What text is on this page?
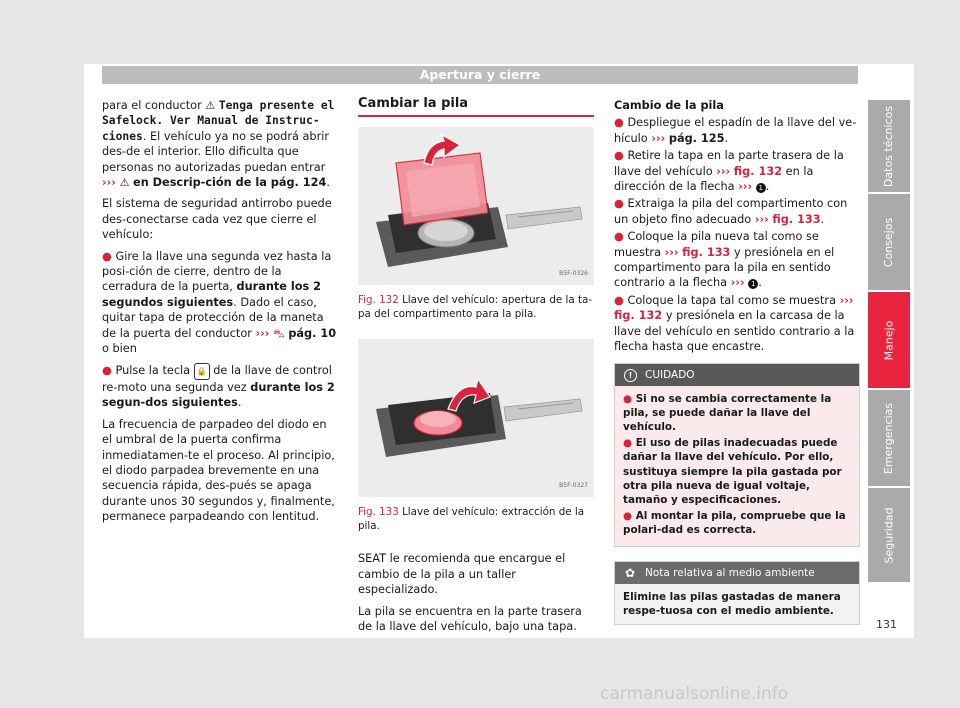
Apertura y cierre

para el conductor ⚠ Tenga presente el Safelock. Ver Manual de Instruc-ciones. El vehículo ya no se podrá abrir des-de el interior. Ello dificulta que personas no autorizadas puedan entrar ››› ⚠ en Descrip-ción de la pág. 124.

El sistema de seguridad antirrobo puede des-conectarse cada vez que cierre el vehículo:

● Gire la llave una segunda vez hasta la posi-ción de cierre, dentro de la cerradura de la puerta, durante los 2 segundos siguientes. Dado el caso, quitar tapa de protección de la maneta de la puerta del conductor ››› ⛍ pág. 10 o bien

● Pulse la tecla 🔒 de la llave de control re-moto una segunda vez durante los 2 segun-dos siguientes.

La frecuencia de parpadeo del diodo en el umbral de la puerta confirma inmediatamen-te el proceso. Al principio, el diodo parpadea brevemente en una secuencia rápida, des-pués se apaga durante unos 30 segundos y, finalmente, permanece parpadeando con lentitud.

Cambiar la pila
B5F-0326
Fig. 132 Llave del vehículo: apertura de la ta-pa del compartimento para la pila.
B5F-0327
Fig. 133 Llave del vehículo: extracción de la pila.

SEAT le recomienda que encargue el cambio de la pila a un taller especializado.

La pila se encuentra en la parte trasera de la llave del vehículo, bajo una tapa.

Cambio de la pila

● Despliegue el espadín de la llave del ve-hículo ››› pág. 125.

● Retire la tapa en la parte trasera de la llave del vehículo ››› fig. 132 en la dirección de la flecha ››› 1 .

● Extraiga la pila del compartimento con un objeto fino adecuado ››› fig. 133.

● Coloque la pila nueva tal como se muestra ››› fig. 133 y presiónela en el compartimento para la pila en sentido contrario a la flecha ››› 1 .

● Coloque la tapa tal como se muestra ››› fig. 132 y presiónela en la carcasa de la llave del vehículo en sentido contrario a la flecha hasta que encastre.

!	CUIDADO

● Si no se cambia correctamente la pila, se puede dañar la llave del vehículo.

● El uso de pilas inadecuadas puede dañar la llave del vehículo. Por ello, sustituya siempre la pila gastada por otra pila nueva de igual voltaje, tamaño y especificaciones.

● Al montar la pila, compruebe que la polari-dad es correcta.

✿ Nota relativa al medio ambiente
Elimine las pilas gastadas de manera respe-tuosa con el medio ambiente.
Datos técnicos
Consejos
Manejo
Emergencias
Seguridad
131
carmanualsonline.info
